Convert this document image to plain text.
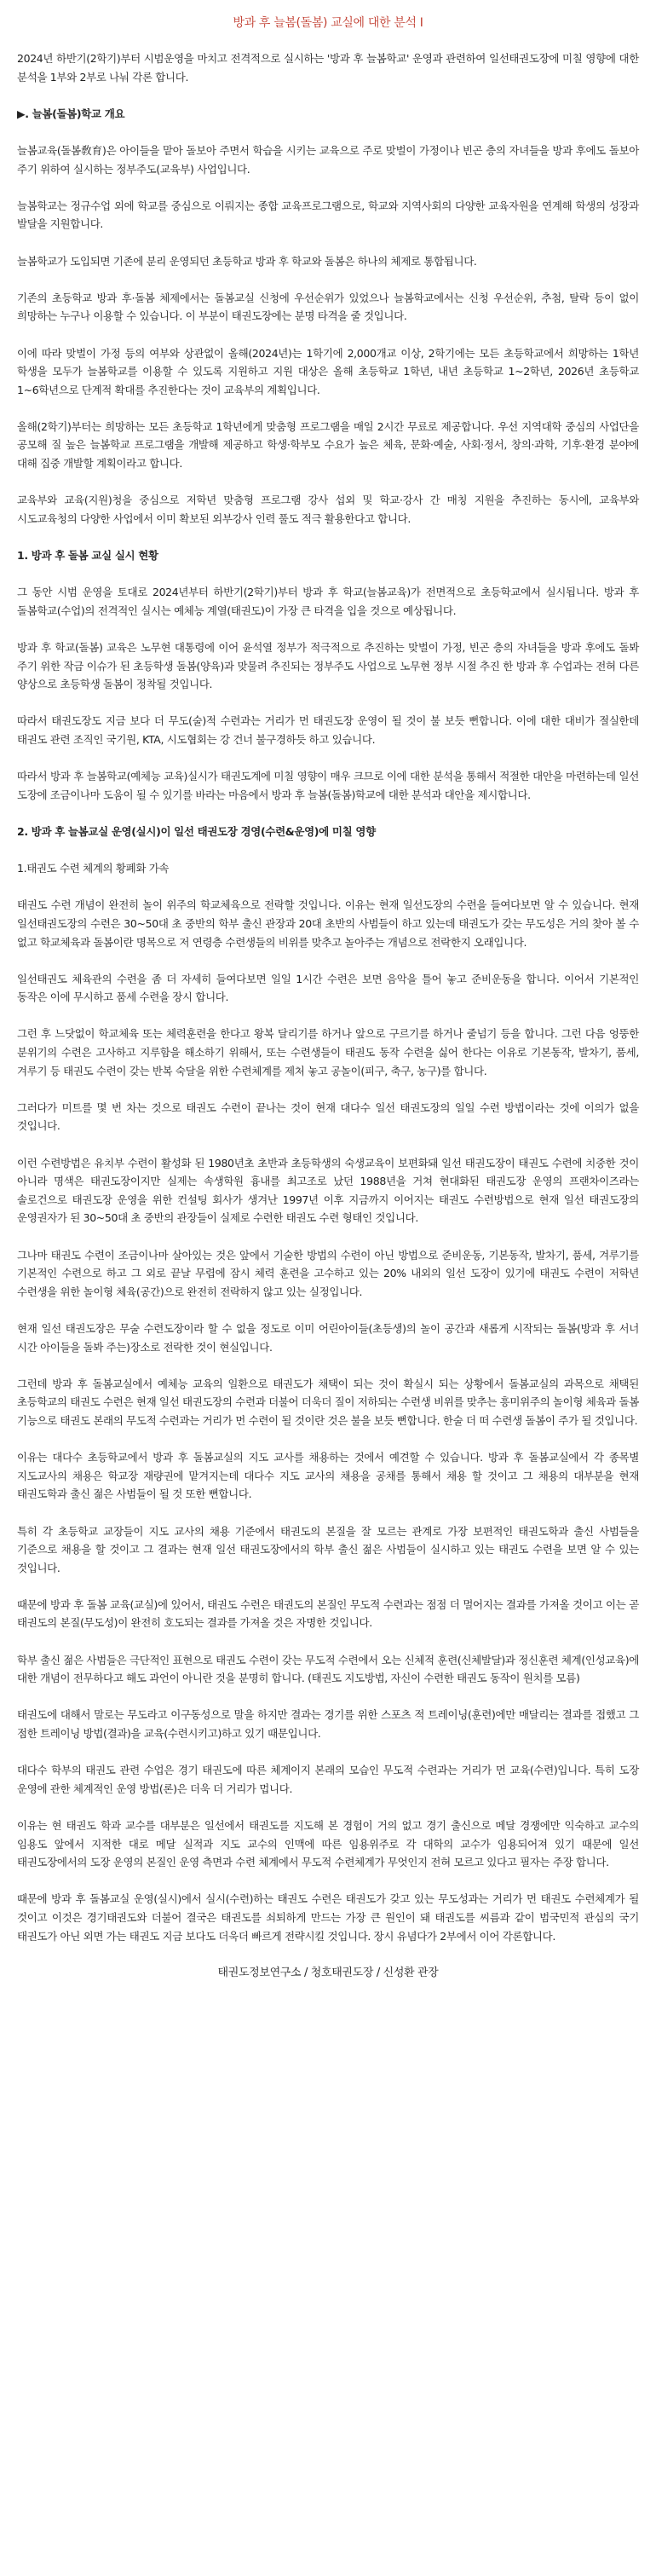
방과 후 늘봄(돌봄) 교실에 대한 분석 Ⅰ

2024년 하반기(2학기)부터 시범운영을 마치고 전격적으로 실시하는 '방과 후 늘봄학교' 운영과 관련하여 일선태권도장에 미칠 영향에 대한 분석을 1부와 2부로 나눠 각론 합니다.

▶. 늘봄(돌봄)학교 개요

늘봄교육(돌봄敎育)은 아이들을 맡아 돌보아 주면서 학습을 시키는 교육으로 주로 맞벌이 가정이나 빈곤 층의 자녀들을 방과 후에도 돌보아 주기 위하여 실시하는 정부주도(교육부) 사업입니다.

늘봄학교는 정규수업 외에 학교를 중심으로 이뤄지는 종합 교육프로그램으로, 학교와 지역사회의 다양한 교육자원을 연계해 학생의 성장과 발달을 지원합니다.

늘봄학교가 도입되면 기존에 분리 운영되던 초등학교 방과 후 학교와 돌봄은 하나의 체제로 통합됩니다.

기존의 초등학교 방과 후·돌봄 체제에서는 돌봄교실 신청에 우선순위가 있었으나 늘봄학교에서는 신청 우선순위, 추첨, 탈락 등이 없이 희망하는 누구나 이용할 수 있습니다. 이 부분이 태권도장에는 분명 타격을 줄 것입니다.

이에 따라 맞벌이 가정 등의 여부와 상관없이 올해(2024년)는 1학기에 2,000개교 이상, 2학기에는 모든 초등학교에서 희망하는 1학년 학생을 모두가 늘봄학교를 이용할 수 있도록 지원하고 지원 대상은 올해 초등학교 1학년, 내년 초등학교 1~2학년, 2026년 초등학교 1~6학년으로 단계적 확대를 추진한다는 것이 교육부의 계획입니다.

올해(2학기)부터는 희망하는 모든 초등학교 1학년에게 맞춤형 프로그램을 매일 2시간 무료로 제공합니다. 우선 지역대학 중심의 사업단을 공모해 질 높은 늘봄학교 프로그램을 개발해 제공하고 학생·학부모 수요가 높은 체육, 문화·예술, 사회·정서, 창의·과학, 기후·환경 분야에 대해 집중 개발할 계획이라고 합니다.

교육부와 교육(지원)청을 중심으로 저학년 맞춤형 프로그램 강사 섭외 및 학교·강사 간 매칭 지원을 추진하는 동시에, 교육부와 시도교육청의 다양한 사업에서 이미 확보된 외부강사 인력 풀도 적극 활용한다고 합니다.

1. 방과 후 돌봄 교실 실시 현황

그 동안 시범 운영을 토대로 2024년부터 하반기(2학기)부터 방과 후 학교(늘봄교육)가 전면적으로 초등학교에서 실시됩니다. 방과 후 돌봄학교(수업)의 전격적인 실시는 예체능 계열(태권도)이 가장 큰 타격을 입을 것으로 예상됩니다.

방과 후 학교(돌봄) 교육은 노무현 대통령에 이어 윤석열 정부가 적극적으로 추진하는 맞벌이 가정, 빈곤 층의 자녀들을 방과 후에도 돌봐 주기 위한 작금 이슈가 된 초등학생 돌봄(양육)과 맞물려 추진되는 정부주도 사업으로 노무현 정부 시절 추진 한 방과 후 수업과는 전혀 다른 양상으로 초등학생 돌봄이 정착될 것입니다.

따라서 태권도장도 지금 보다 더 무도(술)적 수련과는 거리가 먼 태권도장 운영이 될 것이 불 보듯 뻔합니다. 이에 대한 대비가 절실한데 태권도 관련 조직인 국기원, KTA, 시도협회는 강 건너 불구경하듯 하고 있습니다.

따라서 방과 후 늘봄학교(예체능 교육)실시가 태권도계에 미칠 영향이 매우 크므로 이에 대한 분석을 통해서 적절한 대안을 마련하는데 일선 도장에 조금이나마 도움이 될 수 있기를 바라는 마음에서 방과 후 늘봄(돌봄)학교에 대한 분석과 대안을 제시합니다.

2. 방과 후 늘봄교실 운영(실시)이 일선 태권도장 경영(수련&운영)에 미칠 영향

1.태권도 수련 체계의 황폐화 가속

태권도 수련 개념이 완전히 놀이 위주의 학교체육으로 전락할 것입니다. 이유는 현재 일선도장의 수련을 들여다보면 알 수 있습니다. 현재 일선태권도장의 수련은 30~50대 초 중반의 학부 출신 관장과 20대 초반의 사범들이 하고 있는데 태권도가 갖는 무도성은 거의 찾아 볼 수 없고 학교체육과 돌봄이란 명목으로 저 연령층 수련생들의 비위를 맞추고 놀아주는 개념으로 전락한지 오래입니다.

일선태권도 체육관의 수련을 좀 더 자세히 들여다보면 일일 1시간 수련은 보면 음악을 틀어 놓고 준비운동을 합니다. 이어서 기본적인 동작은 이에 무시하고 품세 수련을 장시 합니다.

그런 후 느닷없이 학교체육 또는 체력훈련을 한다고 왕복 달리기를 하거나 앞으로 구르기를 하거나 줄넘기 등을 합니다. 그런 다음 엉뚱한 분위기의 수련은 고사하고 지루함을 해소하기 위해서, 또는 수련생들이 태권도 동작 수련을 싫어 한다는 이유로 기본동작, 발차기, 품세, 겨루기 등 태권도 수련이 갖는 반복 숙달을 위한 수련체계를 제처 놓고 공놀이(피구, 축구, 농구)를 합니다.

그러다가 미트를 몇 번 차는 것으로 태권도 수련이 끝나는 것이 현재 대다수 일선 태권도장의 일일 수련 방법이라는 것에 이의가 없을 것입니다.

이런 수련방법은 유치부 수련이 활성화 된 1980년초 초반과 초등학생의 숙생교육이 보편화돼 일선 태권도장이 태권도 수련에 치중한 것이 아니라 명색은 태권도장이지만 실제는 속생학원 흉내를 최고조로 났던 1988년을 거쳐 현대화된 태권도장 운영의 프랜차이즈라는 솔로건으로 태권도장 운영을 위한 컨설팅 회사가 생겨난 1997년 이후 지금까지 이어지는 태권도 수련방법으로 현재 일선 태권도장의 운영권자가 된 30~50대 초 중반의 관장들이 실제로 수련한 태권도 수련 형태인 것입니다.

그나마 태권도 수련이 조금이나마 살아있는 것은 앞에서 기술한 방법의 수련이 아닌 방법으로 준비운동, 기본동작, 발차기, 품세, 겨루기를 기본적인 수련으로 하고 그 외로 끝날 무렵에 잠시 체력 훈련을 고수하고 있는 20% 내외의 일선 도장이 있기에 태권도 수련이 저학년 수련생을 위한 놀이형 체육(공간)으로 완전히 전락하지 않고 있는 실정입니다.

현재 일선 태권도장은 무술 수련도장이라 할 수 없을 정도로 이미 어린아이들(초등생)의 놀이 공간과 새롭게 시작되는 돌봄(방과 후 서너 시간 아이들을 돌봐 주는)장소로 전락한 것이 현실입니다.

그런데 방과 후 돌봄교실에서 예체능 교육의 일환으로 태권도가 채택이 되는 것이 확실시 되는 상황에서 돌봄교실의 과목으로 채택된 초등학교의 태권도 수련은 현재 일선 태권도장의 수련과 더불어 더욱더 질이 저하되는 수련생 비위를 맞추는 흥미위주의 놀이형 체육과 돌봄 기능으로 태권도 본래의 무도적 수련과는 거리가 먼 수련이 될 것이란 것은 불을 보듯 뻔합니다. 한술 더 떠 수련생 돌봄이 주가 될 것입니다.

이유는 대다수 초등학교에서 방과 후 돌봄교실의 지도 교사를 채용하는 것에서 예견할 수 있습니다. 방과 후 돌봄교실에서 각 종목별 지도교사의 채용은 학교장 재량권에 맡겨지는데 대다수 지도 교사의 채용을 공채를 통해서 채용 할 것이고 그 채용의 대부분을 현재 태권도학과 출신 젊은 사범들이 될 것 또한 뻔합니다.

특히 각 초등학교 교장들이 지도 교사의 채용 기준에서 태권도의 본질을 잘 모르는 관계로 가장 보편적인 태권도학과 출신 사범들을 기준으로 채용을 할 것이고 그 결과는 현재 일선 태권도장에서의 학부 출신 젊은 사범들이 실시하고 있는 태권도 수련을 보면 알 수 있는 것입니다.

때문에 방과 후 돌봄 교육(교실)에 있어서, 태권도 수련은 태권도의 본질인 무도적 수련과는 점점 더 멀어지는 결과를 가져올 것이고 이는 곧 태권도의 본질(무도성)이 완전히 호도되는 결과를 가져올 것은 자명한 것입니다.

학부 출신 젊은 사범들은 극단적인 표현으로 태권도 수련이 갖는 무도적 수련에서 오는 신체적 훈련(신체발달)과 정신훈련 체계(인성교육)에 대한 개념이 전무하다고 해도 과언이 아니란 것을 분명히 합니다. (태권도 지도방법, 자신이 수련한 태권도 동작이 원치를 모름)

태권도에 대해서 말로는 무도라고 이구동성으로 말을 하지만 결과는 경기를 위한 스포츠 적 트레이닝(훈련)에만 매달리는 결과를 접했고 그 점한 트레이닝 방법(결과)을 교육(수련시키고)하고 있기 때문입니다.

대다수 학부의 태권도 관련 수업은 경기 태권도에 따른 체계이지 본래의 모습인 무도적 수련과는 거리가 먼 교육(수련)입니다. 특히 도장 운영에 관한 체계적인 운영 방법(론)은 더욱 더 거리가 멉니다.

이유는 현 태권도 학과 교수를 대부분은 일선에서 태권도를 지도해 본 경험이 거의 없고 경기 출신으로 메달 경쟁에만 익숙하고 교수의 임용도 앞에서 지적한 대로 메달 실적과 지도 교수의 인맥에 따른 임용위주로 각 대학의 교수가 임용되어져 있기 때문에 일선 태권도장에서의 도장 운영의 본질인 운영 측면과 수련 체계에서 무도적 수련체계가 무엇인지 전혀 모르고 있다고 필자는 주장 합니다.

때문에 방과 후 돌봄교실 운영(실시)에서 실시(수련)하는 태권도 수련은 태권도가 갖고 있는 무도성과는 거리가 먼 태권도 수련체계가 될 것이고 이것은 경기태권도와 더불어 결국은 태권도를 쇠퇴하게 만드는 가장 큰 원인이 돼 태권도를 씨름과 같이 범국민적 관심의 국기 태권도가 아닌 외면 가는 태권도 지금 보다도 더욱더 빠르게 전략시킬 것입니다. 장시 유념다가 2부에서 이어 각론합니다.

태권도정보연구소 / 청호태권도장 / 신성환 관장
